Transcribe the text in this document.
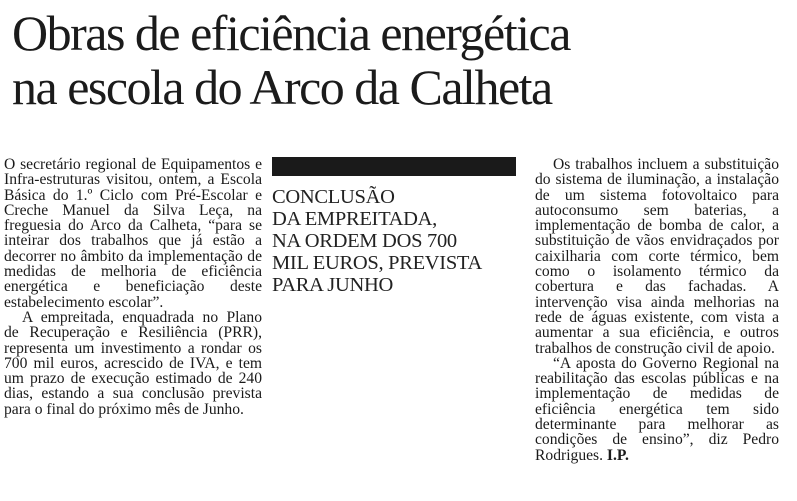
Obras de eficiência energética
na escola do Arco da Calheta

O secretário regional de Equipamentos e Infra-estruturas visitou, ontem, a Escola Básica do 1.º Ciclo com Pré-Escolar e Creche Manuel da Silva Leça, na freguesia do Arco da Calheta, “para se inteirar dos trabalhos que já estão a decorrer no âmbito da implementação de medidas de melhoria de eficiência energética e beneficiação deste estabelecimento escolar”.

A empreitada, enquadrada no Plano de Recuperação e Resiliência (PRR), representa um investimento a rondar os 700 mil euros, acrescido de IVA, e tem um prazo de execução estimado de 240 dias, estando a sua conclusão prevista para o final do próximo mês de Junho.

CONCLUSÃO
DA EMPREITADA,
NA ORDEM DOS 700
MIL EUROS, PREVISTA
PARA JUNHO

Os trabalhos incluem a substituição do sistema de iluminação, a instalação de um sistema fotovoltaico para autoconsumo sem baterias, a implementação de bomba de calor, a substituição de vãos envidraçados por caixilharia com corte térmico, bem como o isolamento térmico da cobertura e das fachadas. A intervenção visa ainda melhorias na rede de águas existente, com vista a aumentar a sua eficiência, e outros trabalhos de construção civil de apoio.

“A aposta do Governo Regional na reabilitação das escolas públicas e na implementação de medidas de eficiência energética tem sido determinante para melhorar as condições de ensino”, diz Pedro Rodrigues. I.P.
